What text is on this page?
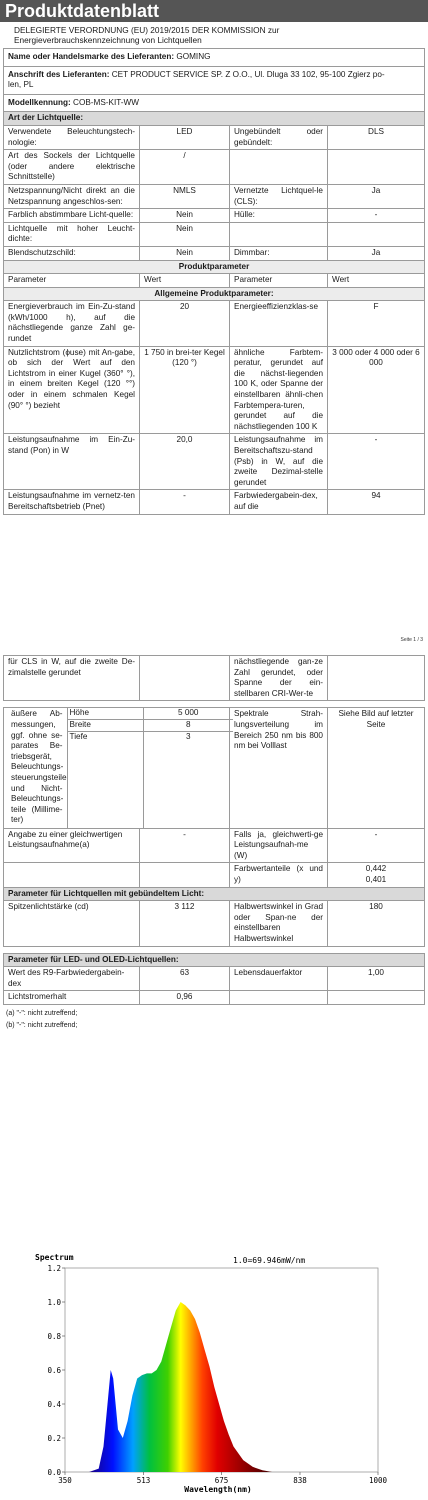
Produktdatenblatt
DELEGIERTE VERORDNUNG (EU) 2019/2015 DER KOMMISSION zur
Energieverbrauchskennzeichnung von Lichtquellen
Name oder Handelsmarke des Lieferanten: GOMING			
Anschrift des Lieferanten: CET PRODUCT SERVICE SP. Z O.O., Ul. Dluga 33 102, 95-100 Zgierz po-
len, PL			
Modellkennung: COB-MS-KIT-WW			
Art der Lichtquelle:			
Verwendete Beleuchtungstech-nologie:	LED	Ungebündelt oder gebündelt:	DLS
Art des Sockels der Lichtquelle (oder andere elektrische Schnittstelle)	/		
Netzspannung/Nicht direkt an die Netzspannung angeschlos-sen:	NMLS	Vernetzte Lichtquel-le (CLS):	Ja
Farblich abstimmbare Licht-quelle:	Nein	Hülle:	-
Lichtquelle mit hoher Leucht-dichte:	Nein		
Blendschutzschild:	Nein	Dimmbar:	Ja
Produktparameter			
Parameter	Wert	Parameter	Wert
Allgemeine Produktparameter:			
Energieverbrauch im Ein-Zu-stand (kWh/1000 h), auf die nächstliegende ganze Zahl ge-rundet	20	Energieeffizienzklas-se	F
Nutzlichtstrom (ϕuse) mit An-gabe, ob sich der Wert auf den Lichtstrom in einer Kugel (360° °), in einem breiten Kegel (120 °°) oder in einem schmalen Kegel (90° °) bezieht	1 750 in brei-ter Kegel (120 °)	ähnliche Farbtem-peratur, gerundet auf die nächst-liegenden 100 K, oder Spanne der einstellbaren ähnli-chen Farbtempera-turen, gerundet auf die nächstliegenden 100 K	3 000 oder 4 000 oder 6 000
Leistungsaufnahme im Ein-Zu-stand (Pon) in W	20,0	Leistungsaufnahme im Bereitschaftszu-stand (Psb) in W, auf die zweite Dezimal-stelle gerundet	-
Leistungsaufnahme im vernetz-ten Bereitschaftsbetrieb (Pnet)	-	Farbwiedergabein-dex, auf die	94
Seite 1 / 3
für CLS in W, auf die zweite De-zimalstelle gerundet		nächstliegende gan-ze Zahl gerundet, oder Spanne der ein-stellbaren CRI-Wer-te	

äußere Ab-messungen, ggf. ohne se-parates Be-triebsgerät, Beleuchtungs-steuerungsteile und Nicht-Beleuchtungs-teile (Millime-ter)	Höhe	5 000
Breite	8
Tiefe	3
	Spektrale Strah-lungsverteilung im Bereich 250 nm bis 800 nm bei Volllast	Siehe Bild auf letzter Seite
Angabe zu einer gleichwertigen Leistungsaufnahme(a)	-	Falls ja, gleichwerti-ge Leistungsaufnah-me (W)	-
		Farbwertanteile (x und y)	0,442
0,401
Parameter für Lichtquellen mit gebündeltem Licht:
Spitzenlichtstärke (cd)	3 112	Halbwertswinkel in Grad oder Span-ne der einstellbaren Halbwertswinkel	180

Parameter für LED- und OLED-Lichtquellen:
Wert des R9-Farbwiedergabein-dex	63	Lebensdauerfaktor	1,00
Lichtstromerhalt	0,96		
(a) "-": nicht zutreffend;
(b) "-": nicht zutreffend;
0.0
0.2
0.4
0.6
0.8
1.0
1.2
350	513	675	838	1000
Spectrum	1.0=69.946mW/nm
Wavelength(nm)
